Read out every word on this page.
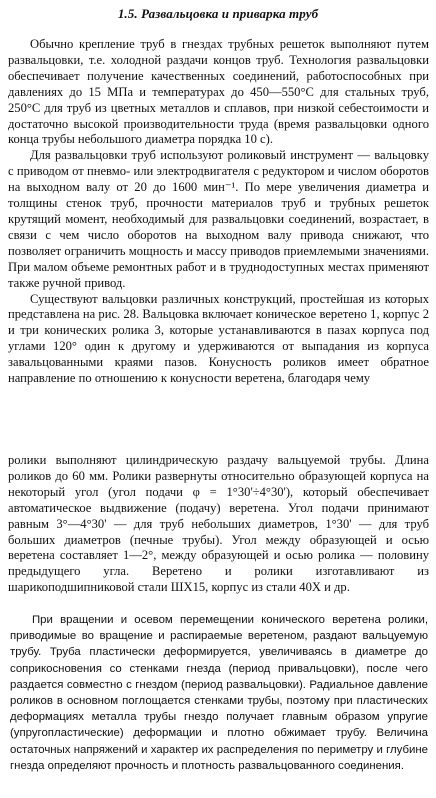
1.5. Развальцовка и приварка труб

Обычно крепление труб в гнездах трубных решеток выполняют путем развальцовки, т.е. холодной раздачи концов труб. Технология развальцовки обеспечивает получение качественных соединений, работоспособных при давлениях до 15 МПа и температурах до 450—550°С для стальных труб, 250°С для труб из цветных металлов и сплавов, при низкой себестоимости и достаточно высокой производительности труда (время развальцовки одного конца трубы небольшого диаметра порядка 10 с).

Для развальцовки труб используют роликовый инструмент — вальцовку с приводом от пневмо- или электродвигателя с редуктором и числом оборотов на выходном валу от 20 до 1600 мин⁻¹. По мере увеличения диаметра и толщины стенок труб, прочности материалов труб и трубных решеток крутящий момент, необходимый для развальцовки соединений, возрастает, в связи с чем число оборотов на выходном валу привода снижают, что позволяет ограничить мощность и массу приводов приемлемыми значениями. При малом объеме ремонтных работ и в труднодоступных местах применяют также ручной привод.

Существуют вальцовки различных конструкций, простейшая из которых представлена на рис. 28. Вальцовка включает коническое веретено 1, корпус 2 и три конических ролика 3, которые устанавливаются в пазах корпуса под углами 120° один к другому и удерживаются от выпадания из корпуса завальцованными краями пазов. Конусность роликов имеет обратное направление по отношению к конусности веретена, благодаря чему

ролики выполняют цилиндрическую раздачу вальцуемой трубы. Длина роликов до 60 мм. Ролики развернуты относительно образующей корпуса на некоторый угол (угол подачи φ = 1°30'÷4°30'), который обеспечивает автоматическое выдвижение (подачу) веретена. Угол подачи принимают равным 3°—4°30' — для труб небольших диаметров, 1°30' — для труб больших диаметров (печные трубы). Угол между образующей и осью веретена составляет 1—2°, между образующей и осью ролика — половину предыдущего угла. Веретено и ролики изготавливают из шарикоподшипниковой стали ШХ15, корпус из стали 40Х и др.

При вращении и осевом перемещении конического веретена ролики, приводимые во вращение и распираемые веретеном, раздают вальцуемую трубу. Труба пластически деформируется, увеличиваясь в диаметре до соприкосновения со стенками гнезда (период привальцовки), после чего раздается совместно с гнездом (период развальцовки). Радиальное давление роликов в основном поглощается стенками трубы, поэтому при пластических деформациях металла трубы гнездо получает главным образом упругие (упругопластические) деформации и плотно обжимает трубу. Величина остаточных напряжений и характер их распределения по периметру и глубине гнезда определяют прочность и плотность развальцованного соединения.
